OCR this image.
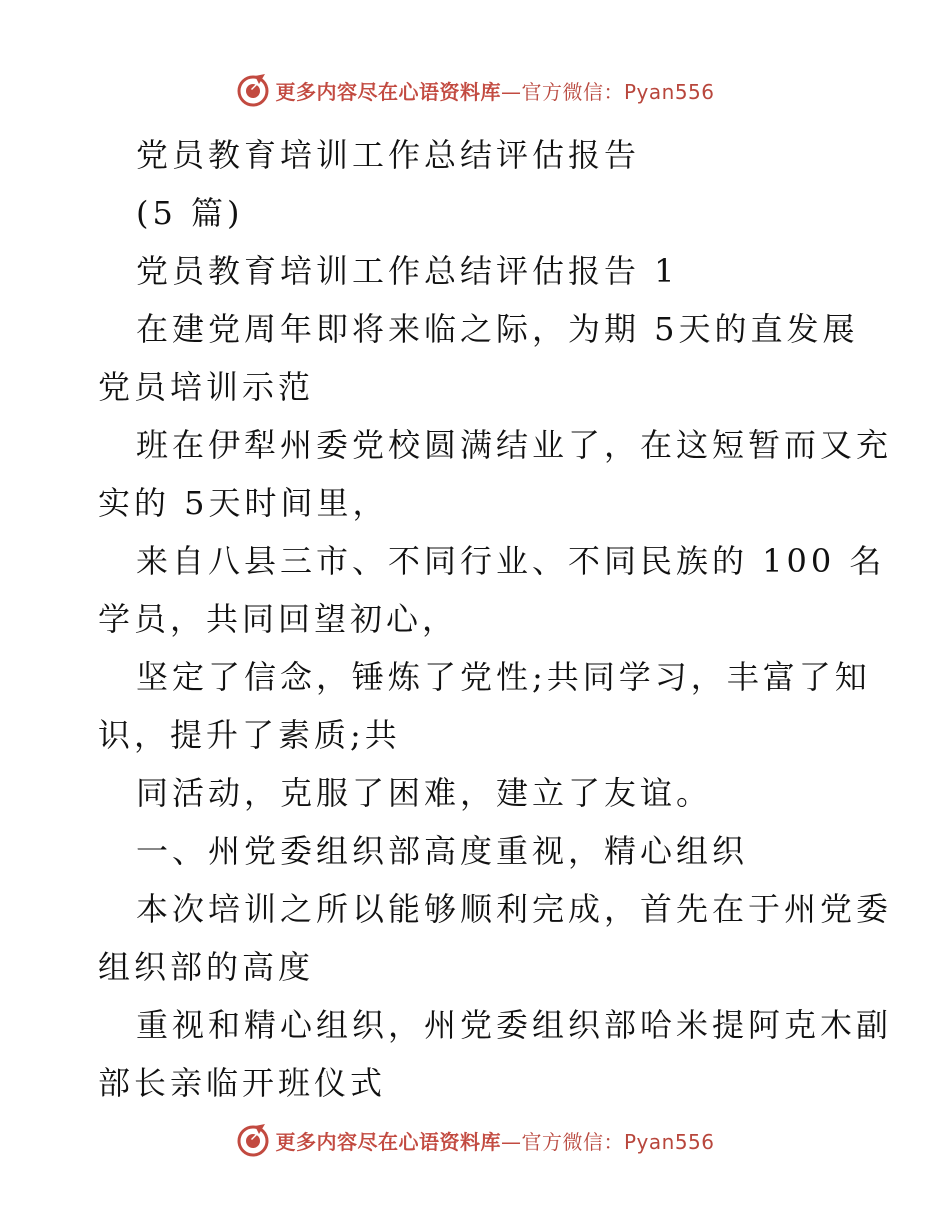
更多内容尽在心语资料库—官方微信：Pyan556
党员教育培训工作总结评估报告
(5 篇)
党员教育培训工作总结评估报告 1
在建党周年即将来临之际，为期 5天的直发展
党员培训示范
班在伊犁州委党校圆满结业了，在这短暂而又充
实的 5天时间里，
来自八县三市、不同行业、不同民族的 100 名
学员，共同回望初心，
坚定了信念，锤炼了党性;共同学习，丰富了知
识，提升了素质;共
同活动，克服了困难，建立了友谊。
一、州党委组织部高度重视，精心组织
本次培训之所以能够顺利完成，首先在于州党委
组织部的高度
重视和精心组织，州党委组织部哈米提阿克木副
部长亲临开班仪式
更多内容尽在心语资料库—官方微信：Pyan556
